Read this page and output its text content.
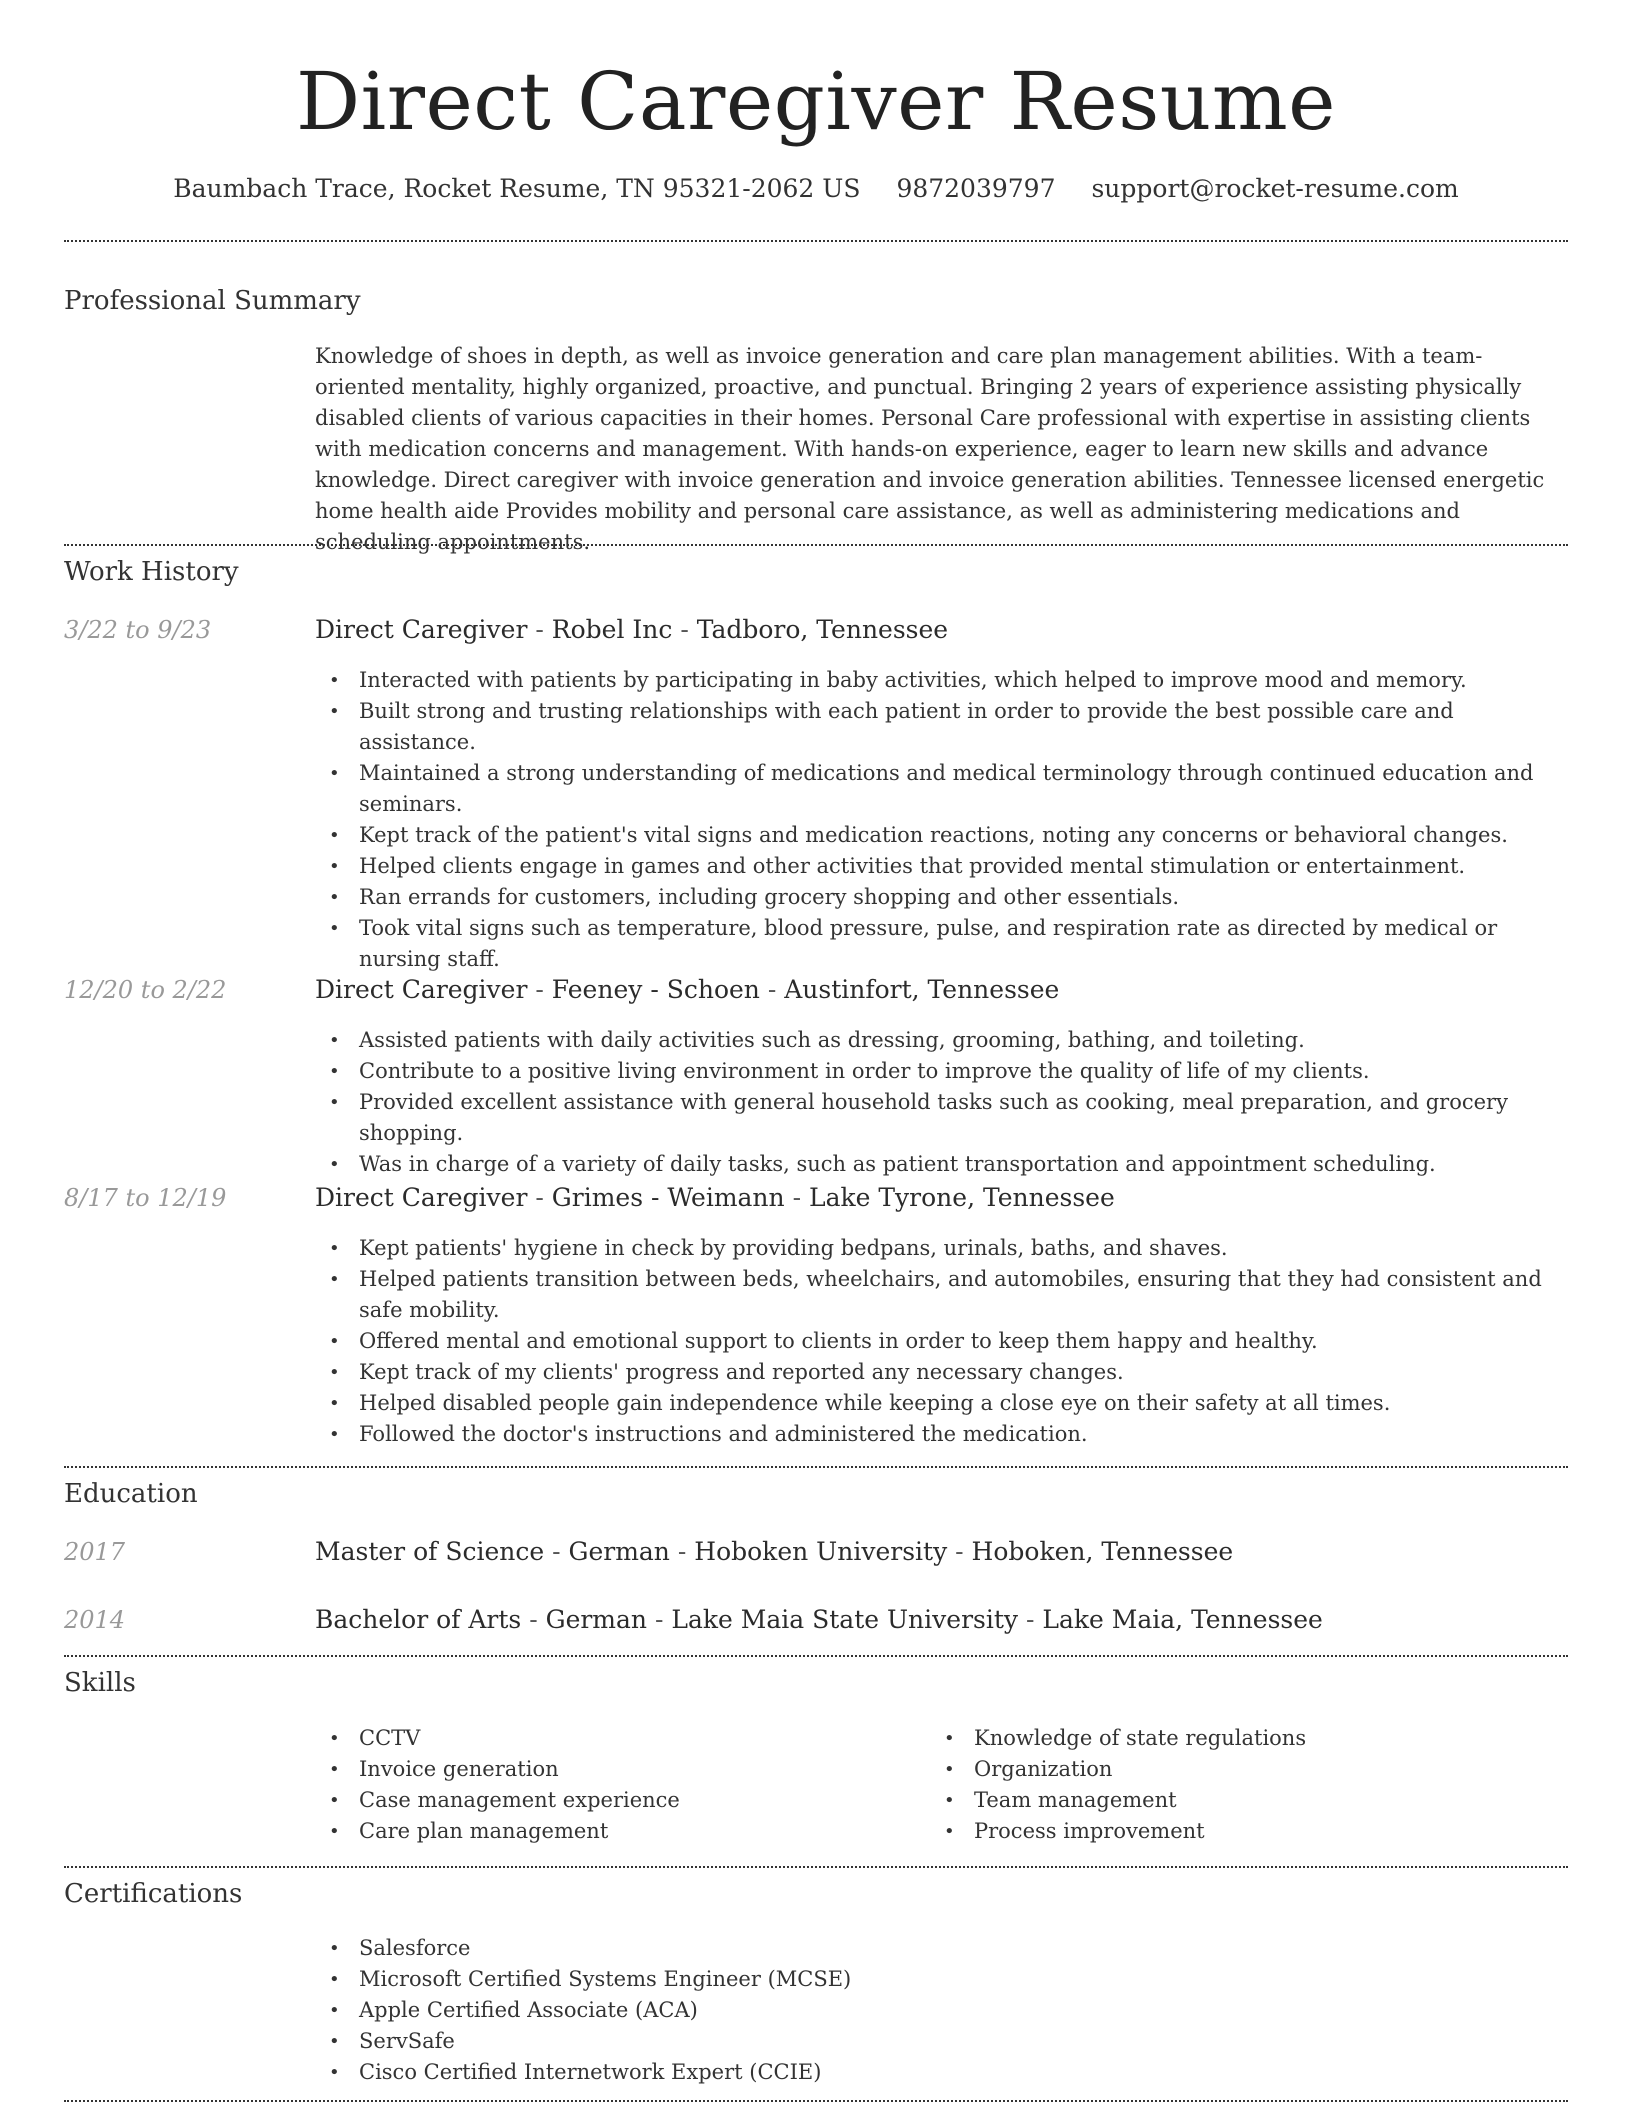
Direct Caregiver Resume
Baumbach Trace, Rocket Resume, TN 95321-2062 US 9872039797 support@rocket-resume.com
Professional Summary

Knowledge of shoes in depth, as well as invoice generation and care plan management abilities. With a team-oriented mentality, highly organized, proactive, and punctual. Bringing 2 years of experience assisting physically disabled clients of various capacities in their homes. Personal Care professional with expertise in assisting clients with medication concerns and management. With hands-on experience, eager to learn new skills and advance knowledge. Direct caregiver with invoice generation and invoice generation abilities. Tennessee licensed energetic home health aide Provides mobility and personal care assistance, as well as administering medications and scheduling appointments.

Work History
3/22 to 9/23	Direct Caregiver - Robel Inc - Tadboro, Tennessee
• Interacted with patients by participating in baby activities, which helped to improve mood and memory.
• Built strong and trusting relationships with each patient in order to provide the best possible care and assistance.
• Maintained a strong understanding of medications and medical terminology through continued education and seminars.
• Kept track of the patient's vital signs and medication reactions, noting any concerns or behavioral changes.
• Helped clients engage in games and other activities that provided mental stimulation or entertainment.
• Ran errands for customers, including grocery shopping and other essentials.
• Took vital signs such as temperature, blood pressure, pulse, and respiration rate as directed by medical or nursing staff.
12/20 to 2/22	Direct Caregiver - Feeney - Schoen - Austinfort, Tennessee
• Assisted patients with daily activities such as dressing, grooming, bathing, and toileting.
• Contribute to a positive living environment in order to improve the quality of life of my clients.
• Provided excellent assistance with general household tasks such as cooking, meal preparation, and grocery shopping.
• Was in charge of a variety of daily tasks, such as patient transportation and appointment scheduling.
8/17 to 12/19	Direct Caregiver - Grimes - Weimann - Lake Tyrone, Tennessee
• Kept patients' hygiene in check by providing bedpans, urinals, baths, and shaves.
• Helped patients transition between beds, wheelchairs, and automobiles, ensuring that they had consistent and safe mobility.
• Offered mental and emotional support to clients in order to keep them happy and healthy.
• Kept track of my clients' progress and reported any necessary changes.
• Helped disabled people gain independence while keeping a close eye on their safety at all times.
• Followed the doctor's instructions and administered the medication.
Education
2017	Master of Science - German - Hoboken University - Hoboken, Tennessee
2014	Bachelor of Arts - German - Lake Maia State University - Lake Maia, Tennessee
Skills
• CCTV
• Invoice generation
• Case management experience
• Care plan management
• Knowledge of state regulations
• Organization
• Team management
• Process improvement
Certifications
• Salesforce
• Microsoft Certified Systems Engineer (MCSE)
• Apple Certified Associate (ACA)
• ServSafe
• Cisco Certified Internetwork Expert (CCIE)
